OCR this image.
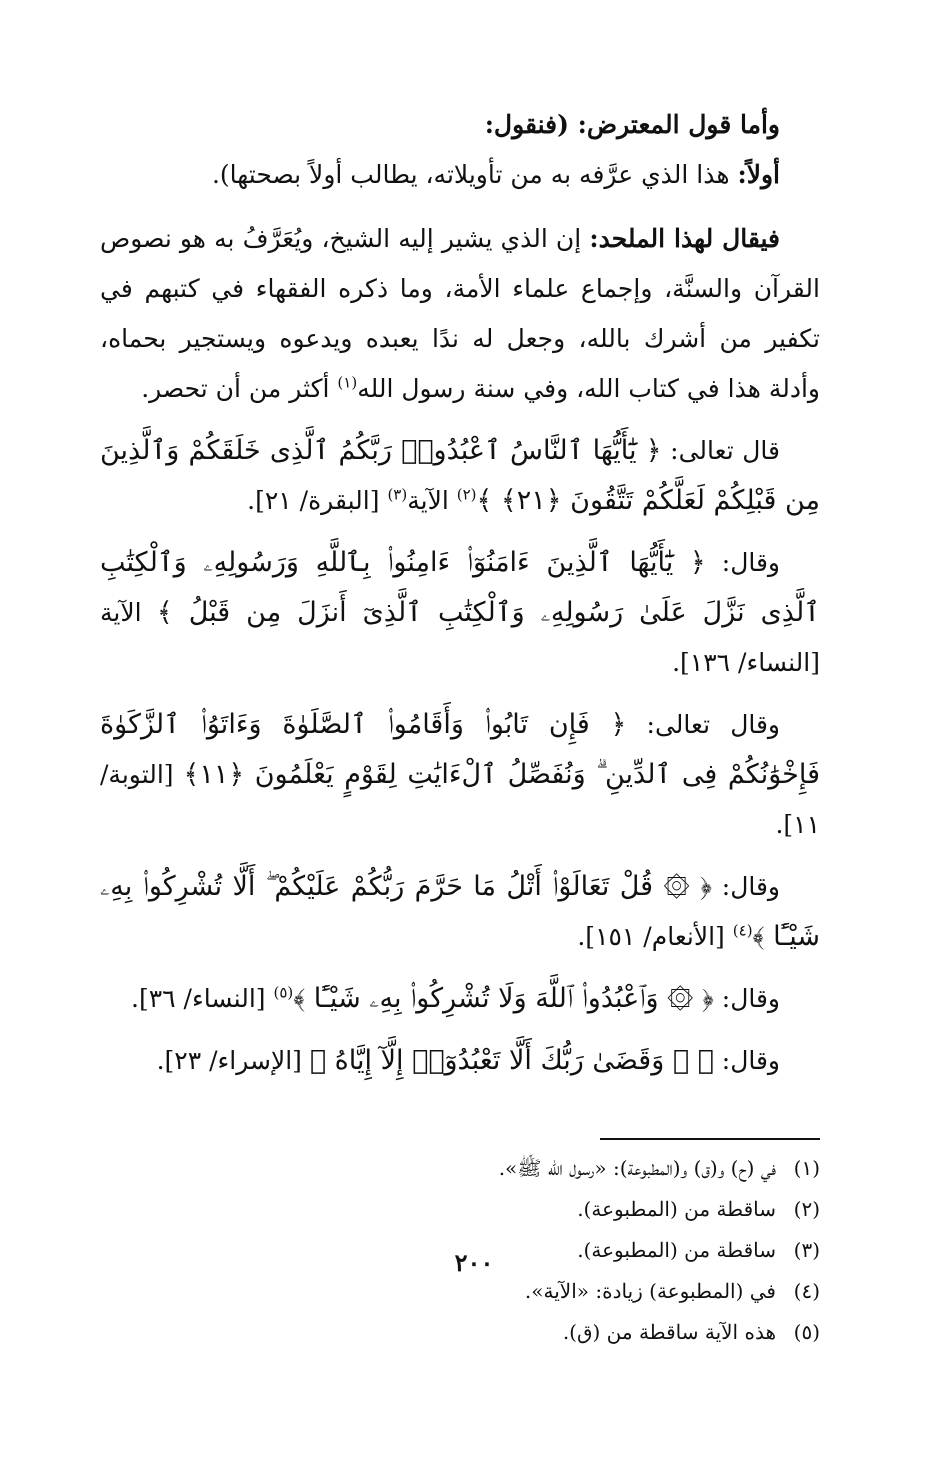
وأما قول المعترض: (فنقول:
أولاً: هذا الذي عرَّفه به من تأويلاته، يطالب أولاً بصحتها).
فيقال لهذا الملحد: إن الذي يشير إليه الشيخ، ويُعَرَّفُ به هو نصوص القرآن والسنَّة، وإجماع علماء الأمة، وما ذكره الفقهاء في كتبهم في تكفير من أشرك بالله، وجعل له ندًا يعبده ويدعوه ويستجير بحماه، وأدلة هذا في كتاب الله، وفي سنة رسول الله$^{(١)}$ أكثر من أن تحصر.
قال تعالى: ﴿ يَٰٓأَيُّهَا ٱلنَّاسُ ٱعْبُدُوا۟ رَبَّكُمُ ٱلَّذِى خَلَقَكُمْ وَٱلَّذِينَ مِن قَبْلِكُمْ لَعَلَّكُمْ تَتَّقُونَ ﴿٢١﴾ ﴾$^{(٢)}$ الآية$^{(٣)}$ [البقرة/ ٢١].
وقال: ﴿ يَٰٓأَيُّهَا ٱلَّذِينَ ءَامَنُوٓا۟ ءَامِنُوا۟ بِٱللَّهِ وَرَسُولِهِۦ وَٱلْكِتَٰبِ ٱلَّذِى نَزَّلَ عَلَىٰ رَسُولِهِۦ وَٱلْكِتَٰبِ ٱلَّذِىٓ أَنزَلَ مِن قَبْلُ ﴾ الآية [النساء/ ١٣٦].
وقال تعالى: ﴿ فَإِن تَابُوا۟ وَأَقَامُوا۟ ٱلصَّلَوٰةَ وَءَاتَوُا۟ ٱلزَّكَوٰةَ فَإِخْوَٰنُكُمْ فِى ٱلدِّينِ ۗ وَنُفَصِّلُ ٱلْءَايَٰتِ لِقَوْمٍ يَعْلَمُونَ ﴿١١﴾ [التوبة/ ١١].
وقال: ﴿ ۞ قُلْ تَعَالَوْا۟ أَتْلُ مَا حَرَّمَ رَبُّكُمْ عَلَيْكُمْ ۖ أَلَّا تُشْرِكُوا۟ بِهِۦ شَيْـًٔا ﴾$^{(٤)}$ [الأنعام/ ١٥١].
وقال: ﴿ ۞ وَٱعْبُدُوا۟ ٱللَّهَ وَلَا تُشْرِكُوا۟ بِهِۦ شَيْـًٔا ﴾$^{(٥)}$ [النساء/ ٣٦].
وقال: ﴿ ۞ وَقَضَىٰ رَبُّكَ أَلَّا تَعْبُدُوٓا۟ إِلَّآ إِيَّاهُ ﴾ [الإسراء/ ٢٣].
(١)في (ح) و(ق) و(المطبوعة): «رسول الله ﷺ».
(٢)ساقطة من (المطبوعة).
(٣)ساقطة من (المطبوعة).
(٤)في (المطبوعة) زيادة: «الآية».
(٥)هذه الآية ساقطة من (ق).
٢٠٠
